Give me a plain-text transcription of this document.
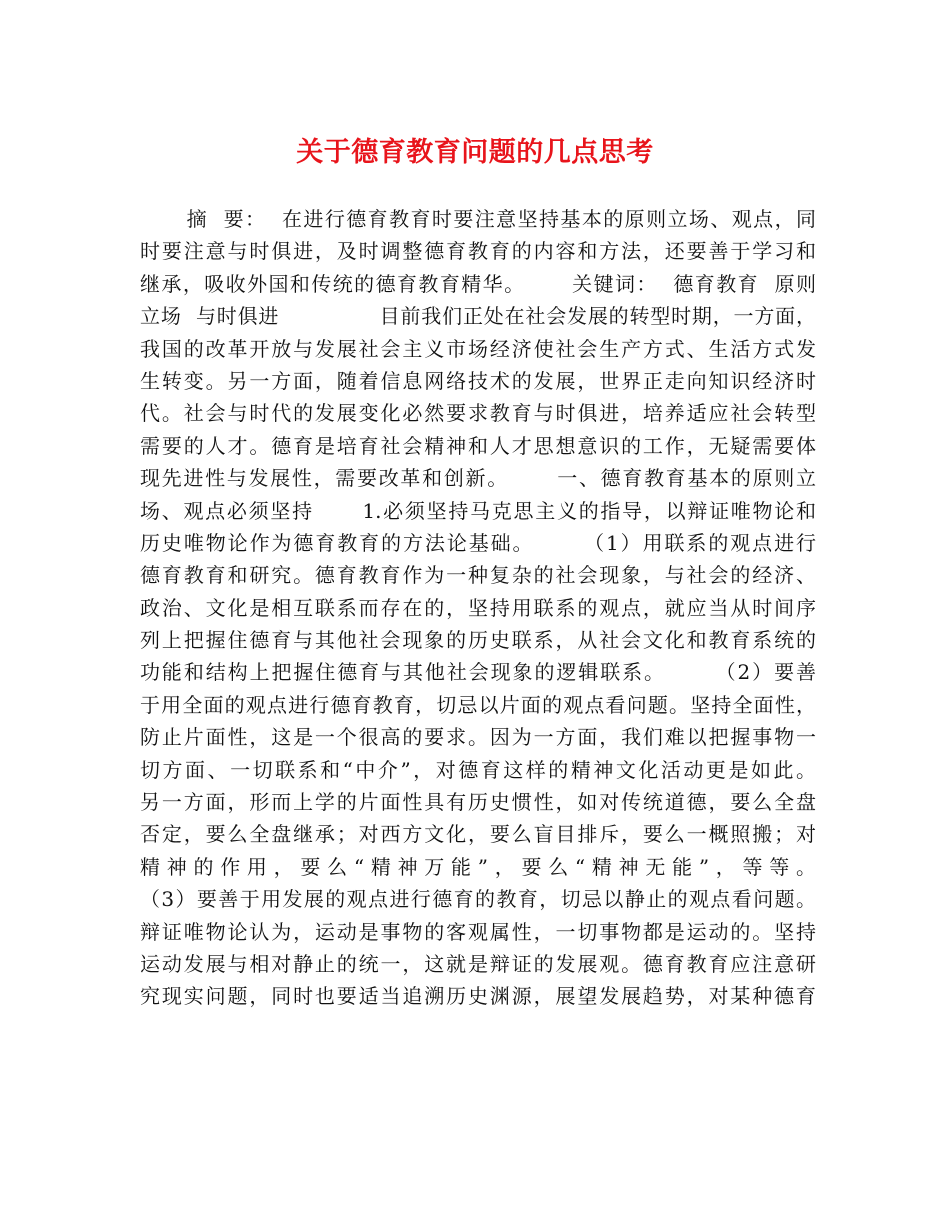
关于德育教育问题的几点思考
摘  要：  在进行德育教育时要注意坚持基本的原则立场、观点，同
时要注意与时俱进，及时调整德育教育的内容和方法，还要善于学习和
继承，吸收外国和传统的德育教育精华。      关键词：  德育教育  原则
立场  与时俱进              目前我们正处在社会发展的转型时期，一方面，
我国的改革开放与发展社会主义市场经济使社会生产方式、生活方式发
生转变。另一方面，随着信息网络技术的发展，世界正走向知识经济时
代。社会与时代的发展变化必然要求教育与时俱进，培养适应社会转型
需要的人才。德育是培育社会精神和人才思想意识的工作，无疑需要体
现先进性与发展性，需要改革和创新。      一、德育教育基本的原则立
场、观点必须坚持      1.必须坚持马克思主义的指导，以辩证唯物论和
历史唯物论作为德育教育的方法论基础。      （1）用联系的观点进行
德育教育和研究。德育教育作为一种复杂的社会现象，与社会的经济、
政治、文化是相互联系而存在的，坚持用联系的观点，就应当从时间序
列上把握住德育与其他社会现象的历史联系，从社会文化和教育系统的
功能和结构上把握住德育与其他社会现象的逻辑联系。      （2）要善
于用全面的观点进行德育教育，切忌以片面的观点看问题。坚持全面性，
防止片面性，这是一个很高的要求。因为一方面，我们难以把握事物一
切方面、一切联系和“中介”，对德育这样的精神文化活动更是如此。
另一方面，形而上学的片面性具有历史惯性，如对传统道德，要么全盘
否定，要么全盘继承；对西方文化，要么盲目排斥，要么一概照搬；对
精神的作用，要么“精神万能”，要么“精神无能”，等等。
（3）要善于用发展的观点进行德育的教育，切忌以静止的观点看问题。
辩证唯物论认为，运动是事物的客观属性，一切事物都是运动的。坚持
运动发展与相对静止的统一，这就是辩证的发展观。德育教育应注意研
究现实问题，同时也要适当追溯历史渊源，展望发展趋势，对某种德育
